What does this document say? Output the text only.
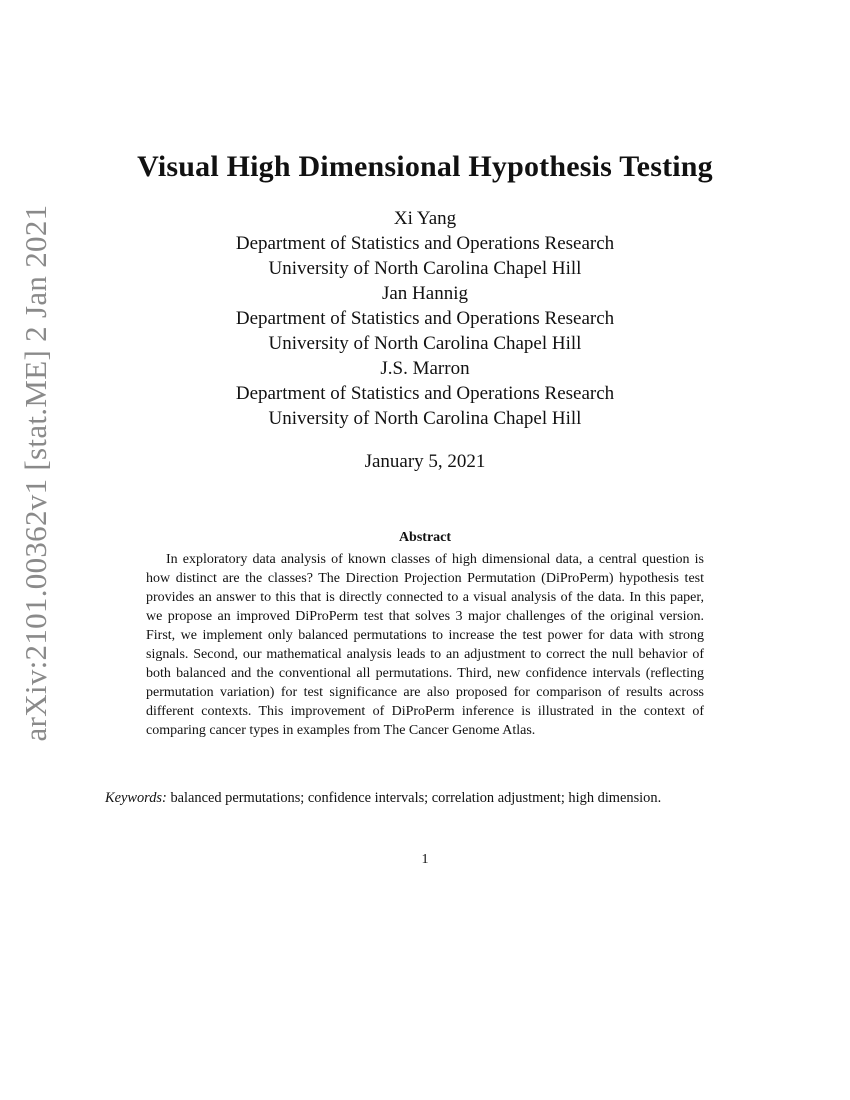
arXiv:2101.00362v1 [stat.ME] 2 Jan 2021
Visual High Dimensional Hypothesis Testing
Xi Yang
Department of Statistics and Operations Research
University of North Carolina Chapel Hill
Jan Hannig
Department of Statistics and Operations Research
University of North Carolina Chapel Hill
J.S. Marron
Department of Statistics and Operations Research
University of North Carolina Chapel Hill
January 5, 2021
Abstract
In exploratory data analysis of known classes of high dimensional data, a central question is how distinct are the classes? The Direction Projection Permutation (DiProPerm) hypothesis test provides an answer to this that is directly connected to a visual analysis of the data. In this paper, we propose an improved DiProPerm test that solves 3 major challenges of the original version. First, we implement only balanced permutations to increase the test power for data with strong signals. Second, our mathematical analysis leads to an adjustment to correct the null behavior of both balanced and the conventional all permutations. Third, new confidence intervals (reflecting permutation variation) for test significance are also proposed for comparison of results across different contexts. This improvement of DiProPerm inference is illustrated in the context of comparing cancer types in examples from The Cancer Genome Atlas.
Keywords: balanced permutations; confidence intervals; correlation adjustment; high dimension.
1
